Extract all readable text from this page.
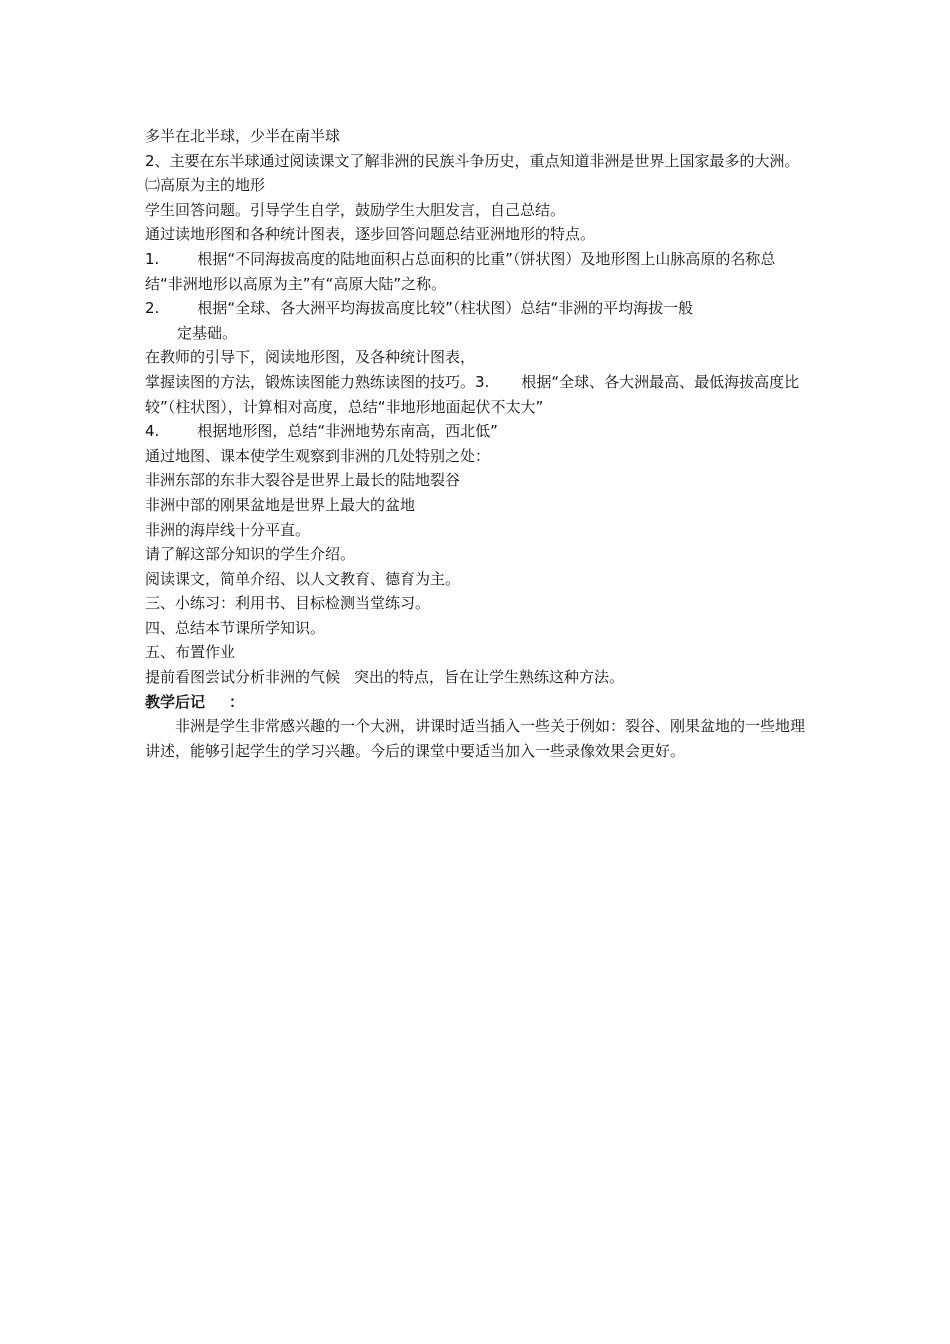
多半在北半球，少半在南半球

2、主要在东半球通过阅读课文了解非洲的民族斗争历史，重点知道非洲是世界上国家最多的大洲。

㈡高原为主的地形

学生回答问题。引导学生自学，鼓励学生大胆发言，自己总结。

通过读地形图和各种统计图表，逐步回答问题总结亚洲地形的特点。

1.	根据“不同海拔高度的陆地面积占总面积的比重”（饼状图）及地形图上山脉高原的名称总结“非洲地形以高原为主”有“高原大陆”之称。

2.	根据“全球、各大洲平均海拔高度比较”（柱状图）总结“非洲的平均海拔一般

定基础。

在教师的引导下，阅读地形图，及各种统计图表，

掌握读图的方法，锻炼读图能力熟练读图的技巧。3. 根据“全球、各大洲最高、最低海拔高度比较”（柱状图），计算相对高度，总结“非地形地面起伏不太大”

4.	根据地形图，总结“非洲地势东南高，西北低”

通过地图、课本使学生观察到非洲的几处特别之处：

非洲东部的东非大裂谷是世界上最长的陆地裂谷

非洲中部的刚果盆地是世界上最大的盆地

非洲的海岸线十分平直。

请了解这部分知识的学生介绍。

阅读课文，简单介绍、以人文教育、德育为主。

三、小练习：利用书、目标检测当堂练习。

四、总结本节课所学知识。

五、布置作业

提前看图尝试分析非洲的气候 突出的特点，旨在让学生熟练这种方法。

教学后记 ：

非洲是学生非常感兴趣的一个大洲，讲课时适当插入一些关于例如：裂谷、刚果盆地的一些地理讲述，能够引起学生的学习兴趣。今后的课堂中要适当加入一些录像效果会更好。
